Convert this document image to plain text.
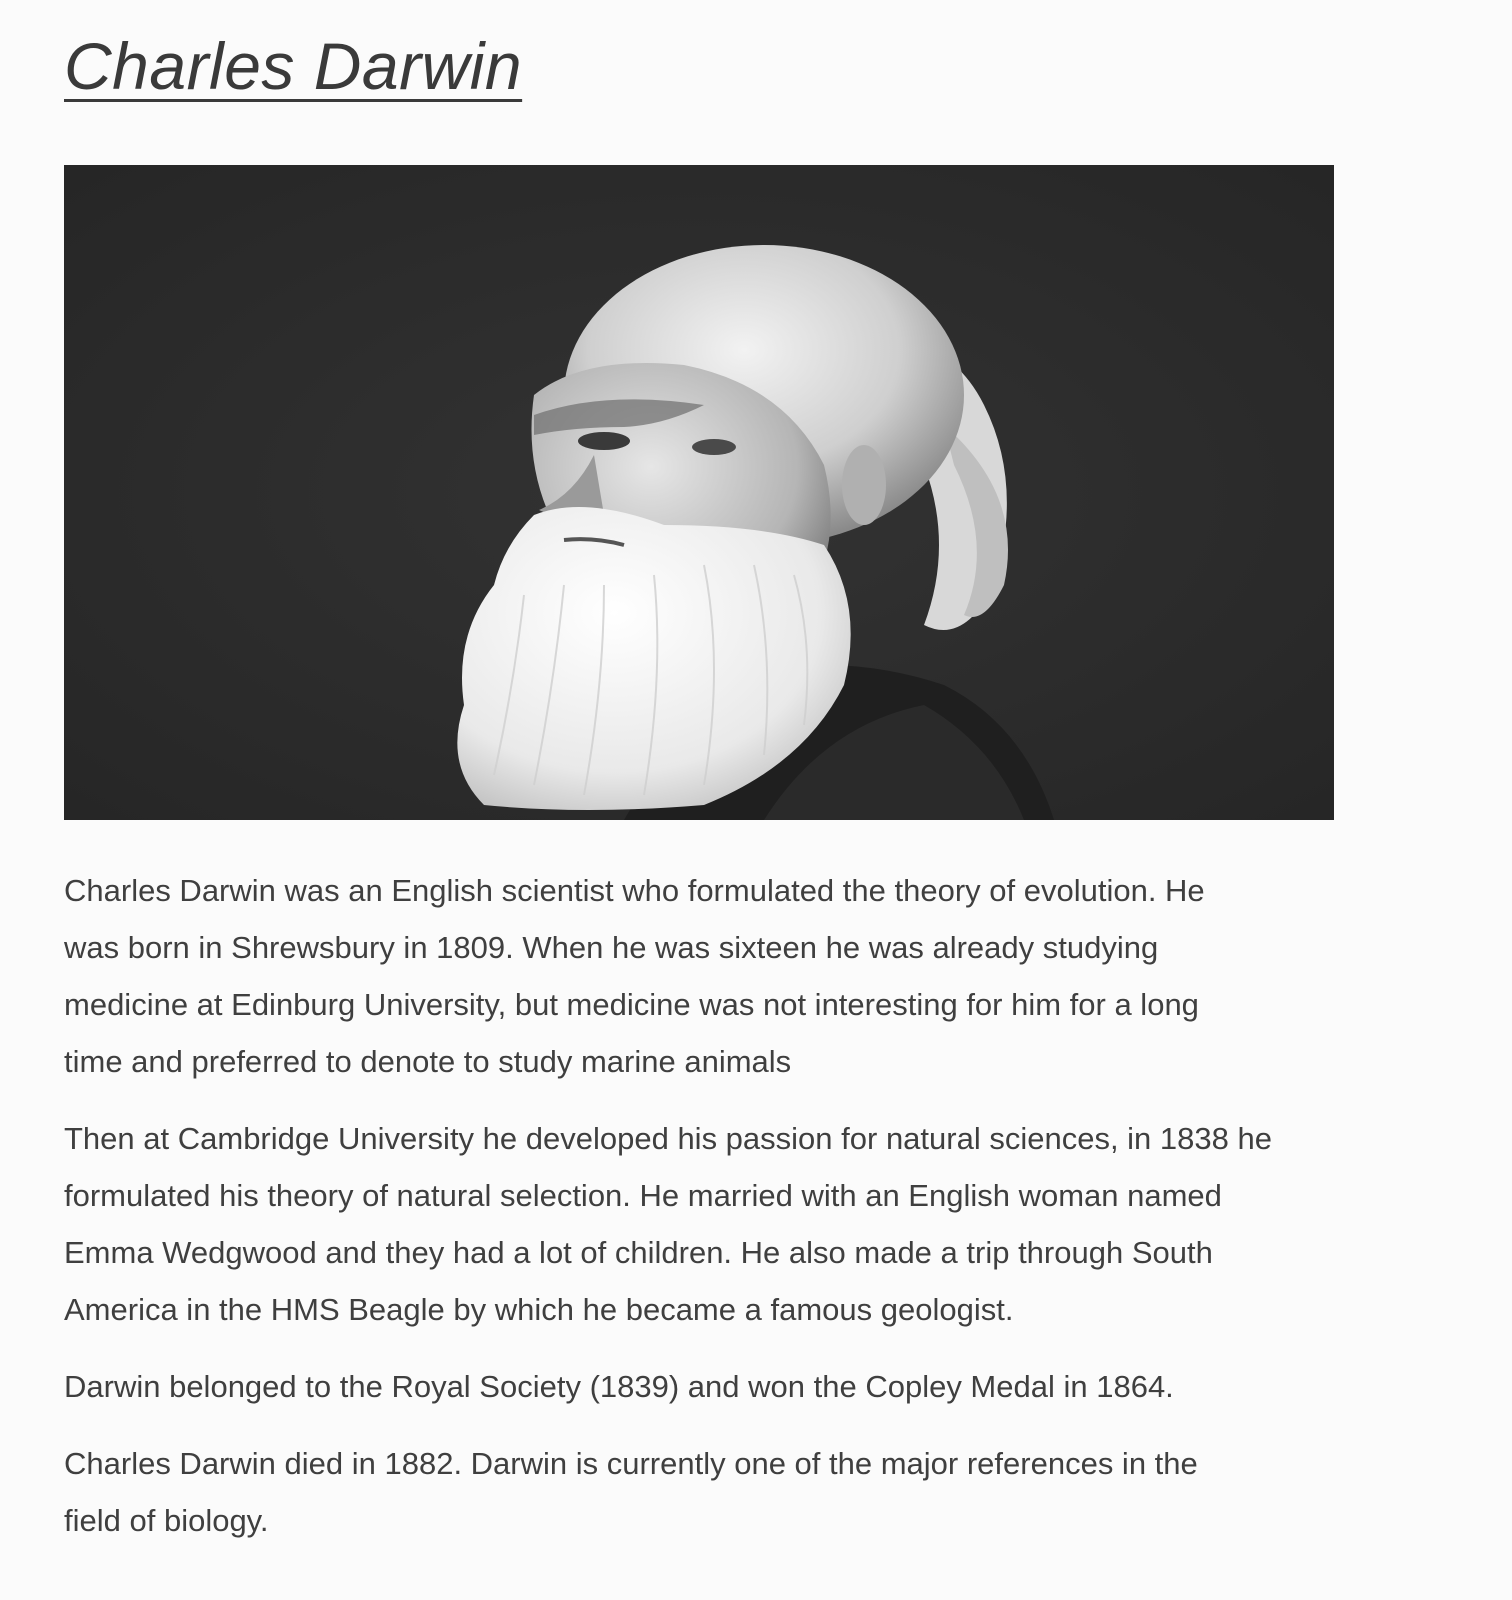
Charles Darwin

Charles Darwin was an English scientist who formulated the theory of evolution. He
was born in Shrewsbury in 1809. When he was sixteen he was already studying
medicine at Edinburg University, but medicine was not interesting for him for a long
time and preferred to denote to study marine animals

Then at Cambridge University he developed his passion for natural sciences, in 1838 he
formulated his theory of natural selection. He married with an English woman named
Emma Wedgwood and they had a lot of children. He also made a trip through South
America in the HMS Beagle by which he became a famous geologist.

Darwin belonged to the Royal Society (1839) and won the Copley Medal in 1864.

Charles Darwin died in 1882. Darwin is currently one of the major references in the
field of biology.
